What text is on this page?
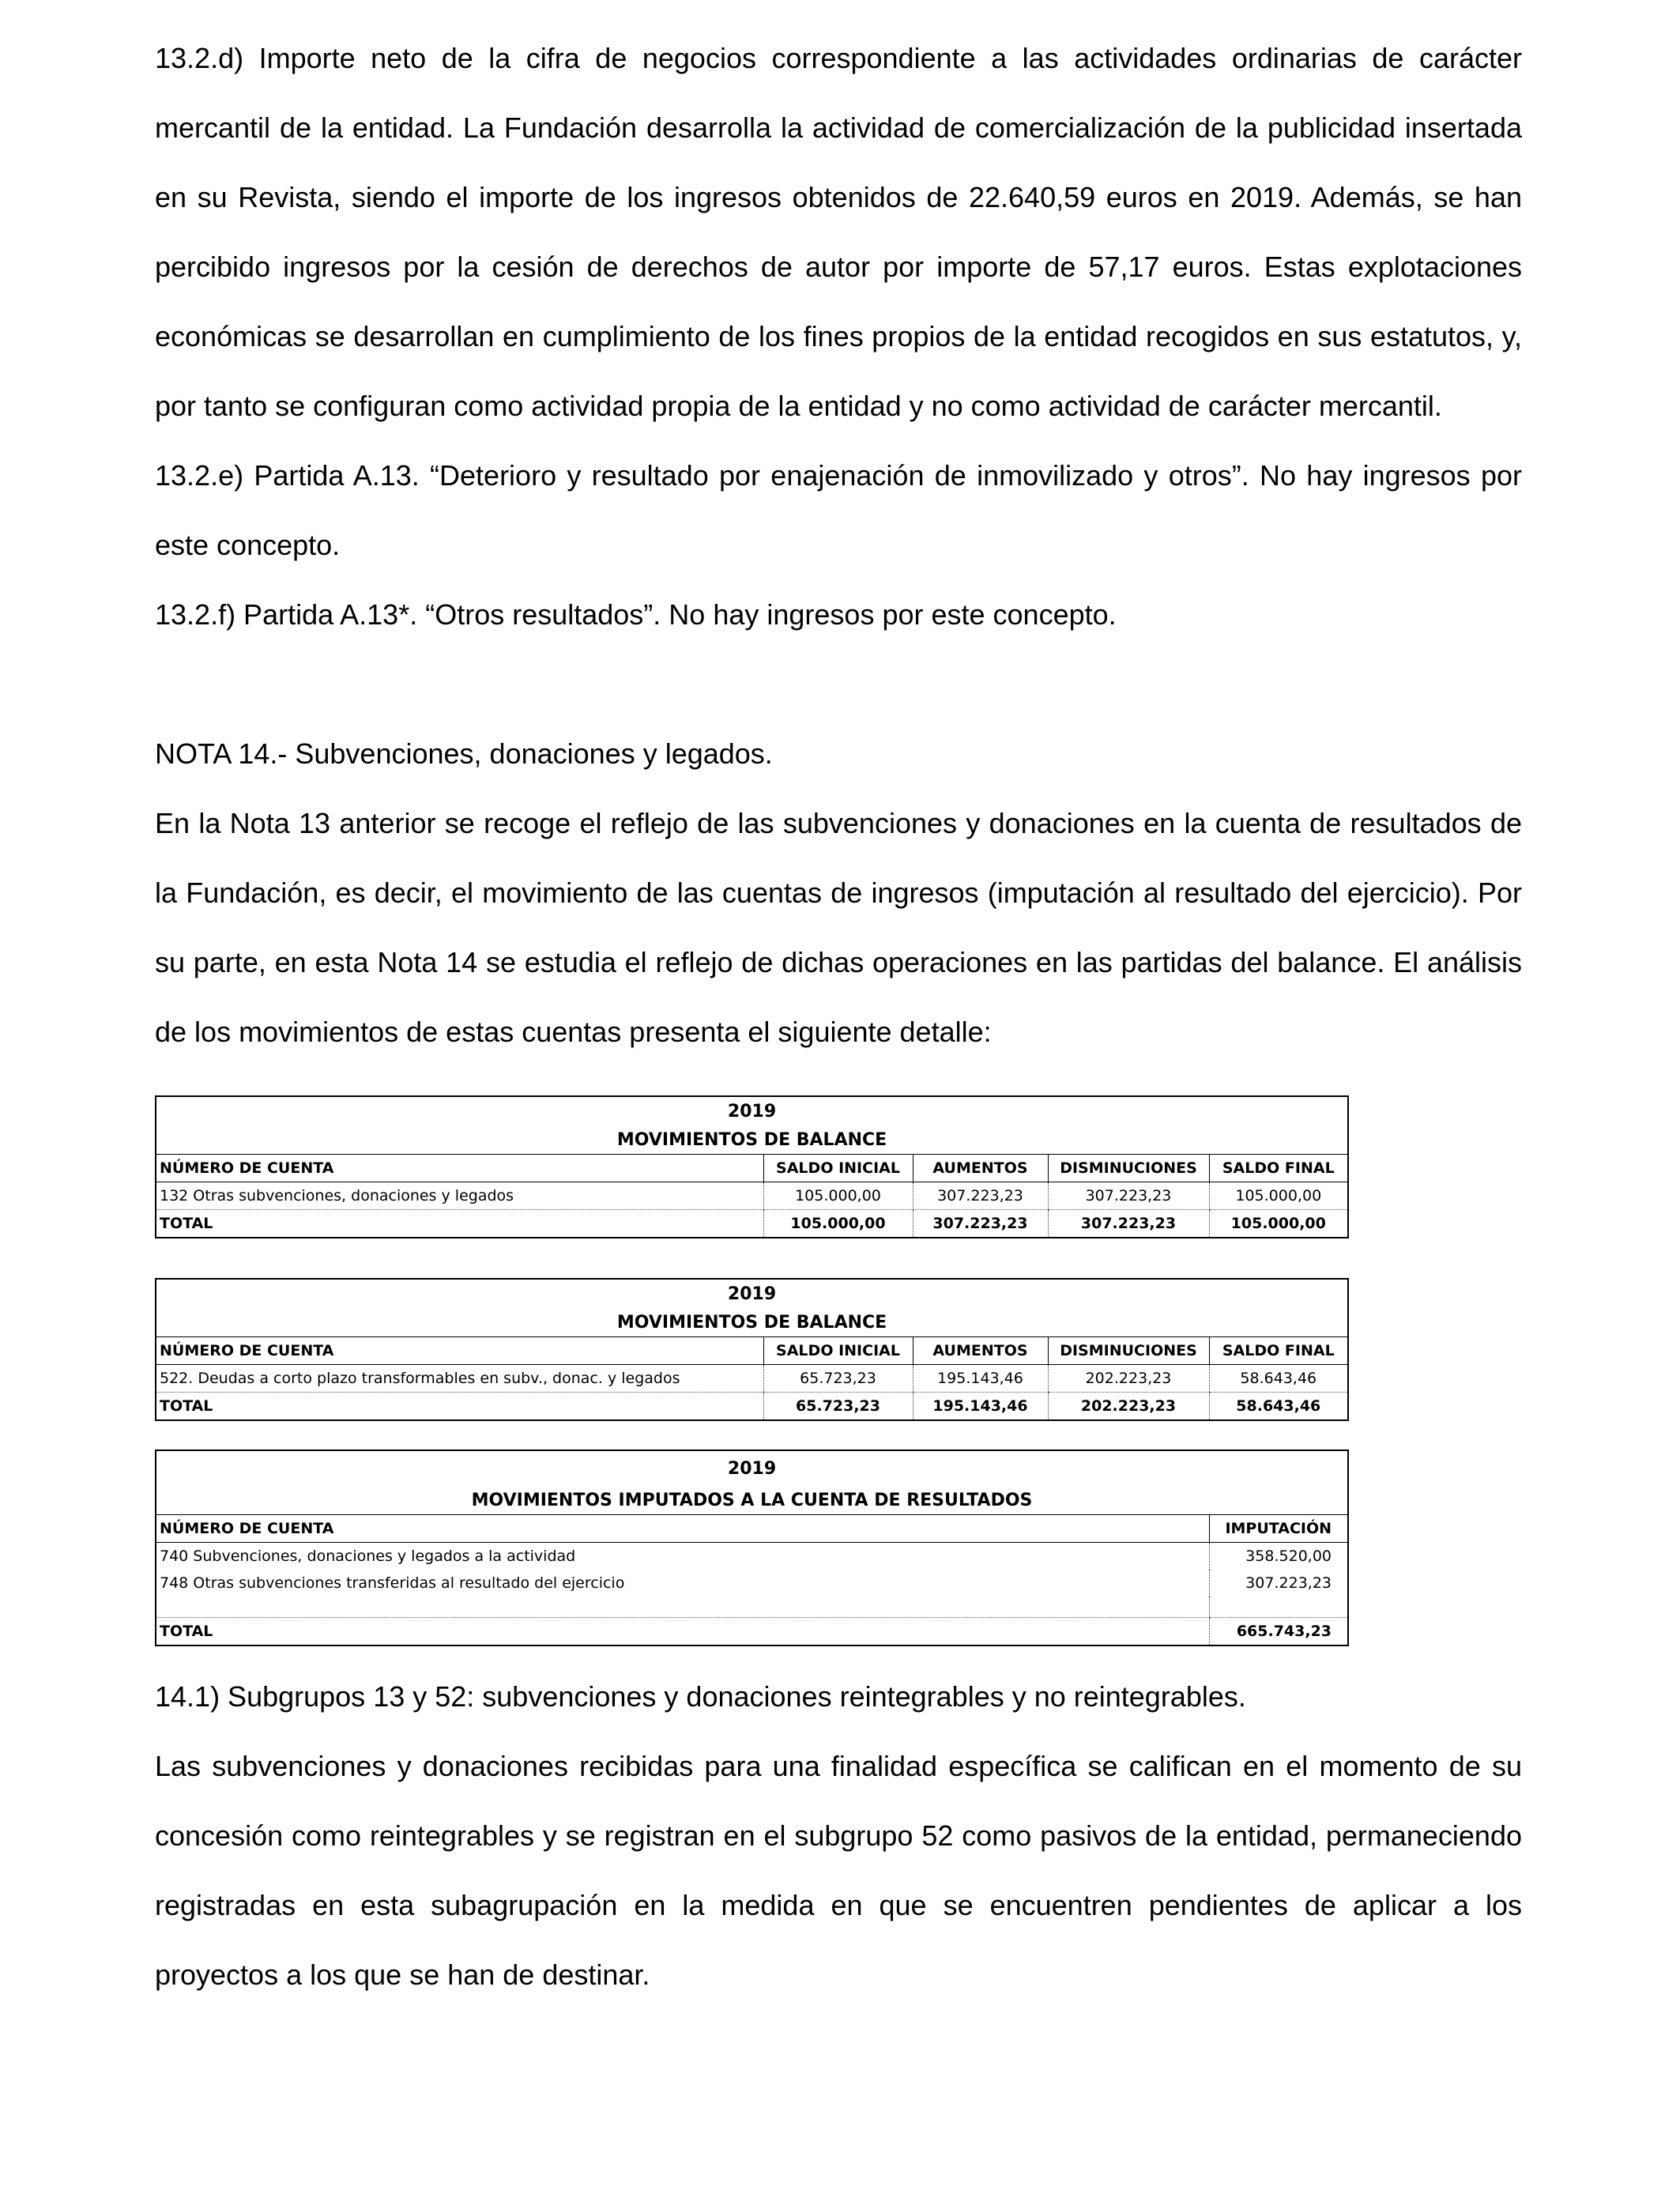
13.2.d) Importe neto de la cifra de negocios correspondiente a las actividades ordinarias de carácter mercantil de la entidad. La Fundación desarrolla la actividad de comercialización de la publicidad insertada en su Revista, siendo el importe de los ingresos obtenidos de 22.640,59 euros en 2019. Además, se han percibido ingresos por la cesión de derechos de autor por importe de 57,17 euros. Estas explotaciones económicas se desarrollan en cumplimiento de los fines propios de la entidad recogidos en sus estatutos, y, por tanto se configuran como actividad propia de la entidad y no como actividad de carácter mercantil.

13.2.e) Partida A.13. “Deterioro y resultado por enajenación de inmovilizado y otros”. No hay ingresos por este concepto.

13.2.f) Partida A.13*. “Otros resultados”. No hay ingresos por este concepto.

NOTA 14.- Subvenciones, donaciones y legados.

En la Nota 13 anterior se recoge el reflejo de las subvenciones y donaciones en la cuenta de resultados de la Fundación, es decir, el movimiento de las cuentas de ingresos (imputación al resultado del ejercicio). Por su parte, en esta Nota 14 se estudia el reflejo de dichas operaciones en las partidas del balance. El análisis de los movimientos de estas cuentas presenta el siguiente detalle:

2019				
MOVIMIENTOS DE BALANCE				
NÚMERO DE CUENTA	SALDO INICIAL	AUMENTOS	DISMINUCIONES	SALDO FINAL
132 Otras subvenciones, donaciones y legados	105.000,00	307.223,23	307.223,23	105.000,00
TOTAL	105.000,00	307.223,23	307.223,23	105.000,00
2019				
MOVIMIENTOS DE BALANCE				
NÚMERO DE CUENTA	SALDO INICIAL	AUMENTOS	DISMINUCIONES	SALDO FINAL
522. Deudas a corto plazo transformables en subv., donac. y legados	65.723,23	195.143,46	202.223,23	58.643,46
TOTAL	65.723,23	195.143,46	202.223,23	58.643,46
2019	
MOVIMIENTOS IMPUTADOS A LA CUENTA DE RESULTADOS	
NÚMERO DE CUENTA	IMPUTACIÓN
740 Subvenciones, donaciones y legados a la actividad	358.520,00
748 Otras subvenciones transferidas al resultado del ejercicio	307.223,23

TOTAL	665.743,23

14.1) Subgrupos 13 y 52: subvenciones y donaciones reintegrables y no reintegrables.

Las subvenciones y donaciones recibidas para una finalidad específica se califican en el momento de su concesión como reintegrables y se registran en el subgrupo 52 como pasivos de la entidad, permaneciendo registradas en esta subagrupación en la medida en que se encuentren pendientes de aplicar a los proyectos a los que se han de destinar.
